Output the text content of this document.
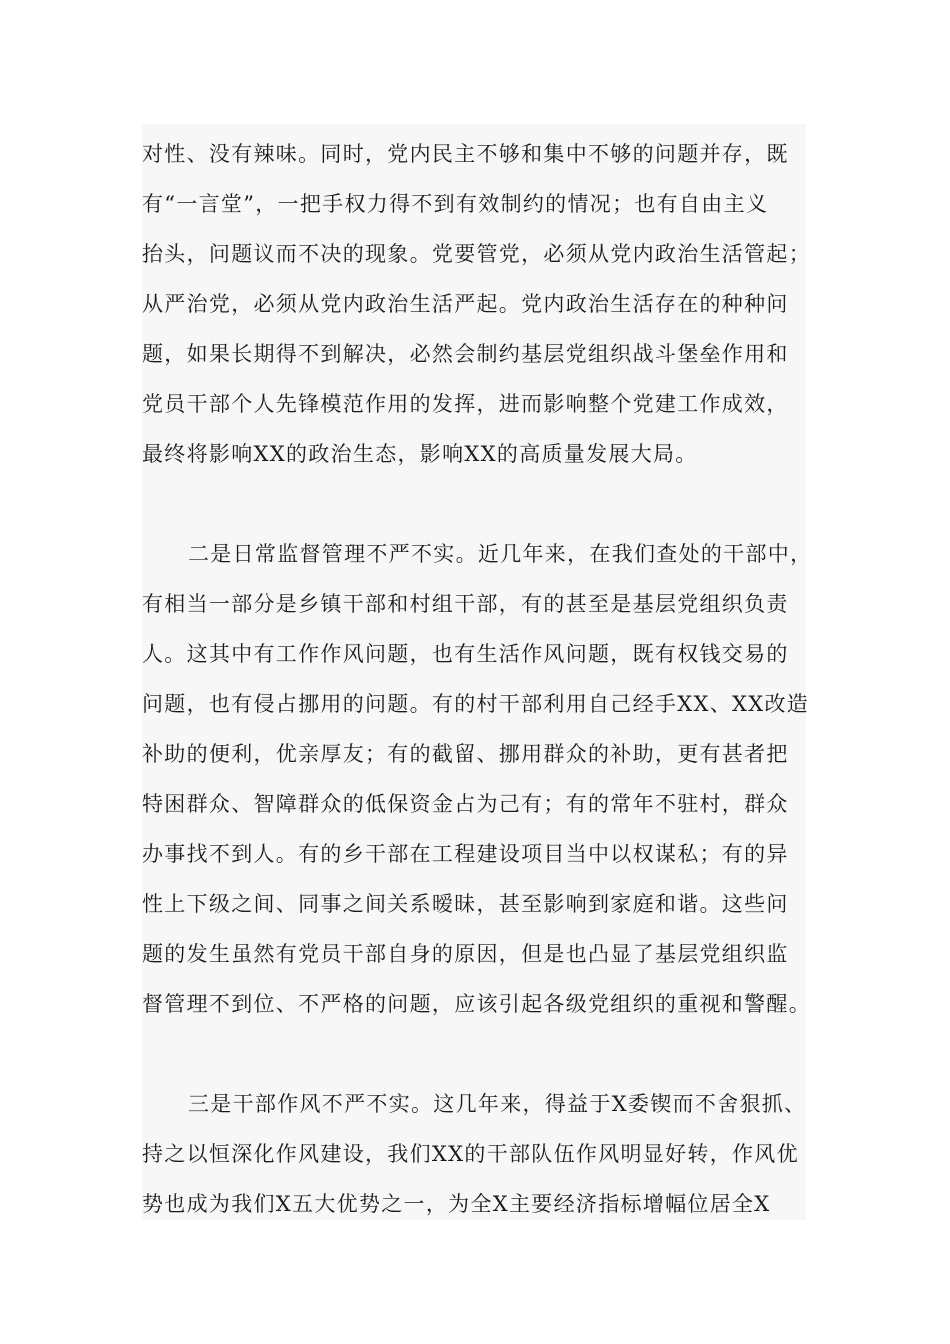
对性、没有辣味。同时，党内民主不够和集中不够的问题并存，既
有“一言堂”，一把手权力得不到有效制约的情况；也有自由主义
抬头，问题议而不决的现象。党要管党，必须从党内政治生活管起；
从严治党，必须从党内政治生活严起。党内政治生活存在的种种问
题，如果长期得不到解决，必然会制约基层党组织战斗堡垒作用和
党员干部个人先锋模范作用的发挥，进而影响整个党建工作成效，
最终将影响XX的政治生态，影响XX的高质量发展大局。
二是日常监督管理不严不实。近几年来，在我们查处的干部中，
有相当一部分是乡镇干部和村组干部，有的甚至是基层党组织负责
人。这其中有工作作风问题，也有生活作风问题，既有权钱交易的
问题，也有侵占挪用的问题。有的村干部利用自己经手XX、XX改造
补助的便利，优亲厚友；有的截留、挪用群众的补助，更有甚者把
特困群众、智障群众的低保资金占为己有；有的常年不驻村，群众
办事找不到人。有的乡干部在工程建设项目当中以权谋私；有的异
性上下级之间、同事之间关系暧昧，甚至影响到家庭和谐。这些问
题的发生虽然有党员干部自身的原因，但是也凸显了基层党组织监
督管理不到位、不严格的问题，应该引起各级党组织的重视和警醒。
三是干部作风不严不实。这几年来，得益于X委锲而不舍狠抓、
持之以恒深化作风建设，我们XX的干部队伍作风明显好转，作风优
势也成为我们X五大优势之一，为全X主要经济指标增幅位居全X
